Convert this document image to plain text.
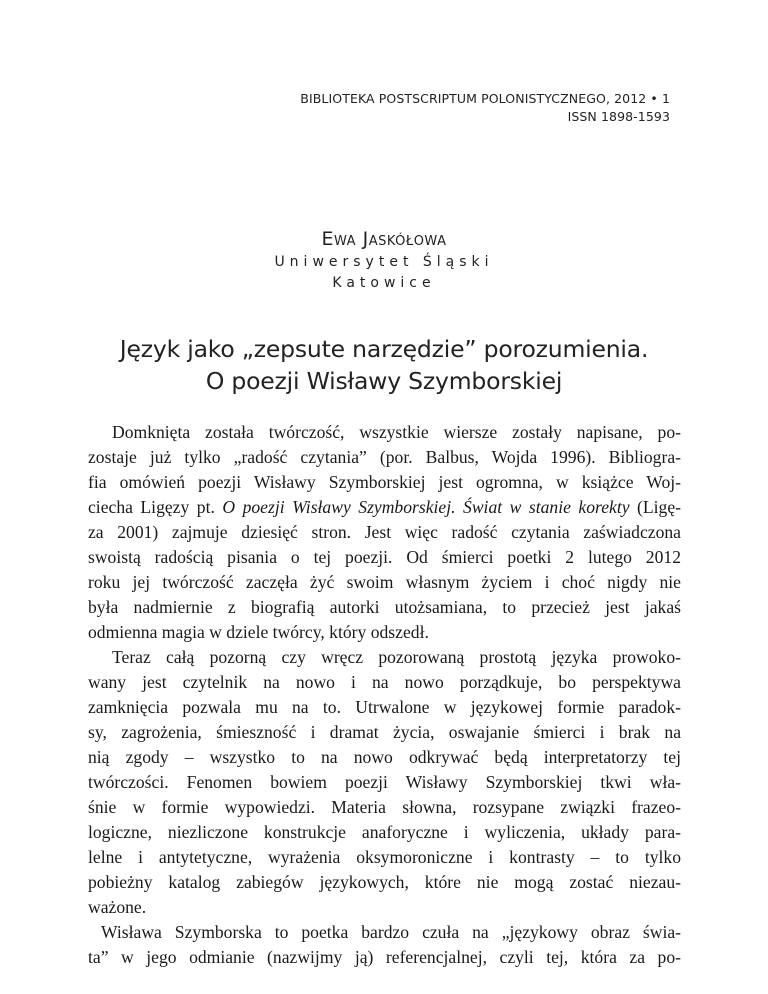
BIBLIOTEKA POSTSCRIPTUM POLONISTYCZNEGO, 2012 • 1
ISSN 1898-1593
Ewa Jaskółowa
Uniwersytet Śląski
Katowice
Język jako „zepsute narzędzie” porozumienia.
O poezji Wisławy Szymborskiej
Domknięta została twórczość, wszystkie wiersze zostały napisane, po-
zostaje już tylko „radość czytania” (por. Balbus, Wojda 1996). Bibliogra-
fia omówień poezji Wisławy Szymborskiej jest ogromna, w książce Woj-
ciecha Ligęzy pt. O poezji Wisławy Szymborskiej. Świat w stanie korekty (Ligę-
za 2001) zajmuje dziesięć stron. Jest więc radość czytania zaświadczona
swoistą radością pisania o tej poezji. Od śmierci poetki 2 lutego 2012
roku jej twórczość zaczęła żyć swoim własnym życiem i choć nigdy nie
była nadmiernie z biografią autorki utożsamiana, to przecież jest jakaś
odmienna magia w dziele twórcy, który odszedł.
Teraz całą pozorną czy wręcz pozorowaną prostotą języka prowoko-
wany jest czytelnik na nowo i na nowo porządkuje, bo perspektywa
zamknięcia pozwala mu na to. Utrwalone w językowej formie paradok-
sy, zagrożenia, śmieszność i dramat życia, oswajanie śmierci i brak na
nią zgody – wszystko to na nowo odkrywać będą interpretatorzy tej
twórczości. Fenomen bowiem poezji Wisławy Szymborskiej tkwi wła-
śnie w formie wypowiedzi. Materia słowna, rozsypane związki frazeo-
logiczne, niezliczone konstrukcje anaforyczne i wyliczenia, układy para-
lelne i antytetyczne, wyrażenia oksymoroniczne i kontrasty – to tylko
pobieżny katalog zabiegów językowych, które nie mogą zostać niezau-
ważone.
Wisława Szymborska to poetka bardzo czuła na „językowy obraz świa-
ta” w jego odmianie (nazwijmy ją) referencjalnej, czyli tej, która za po-
